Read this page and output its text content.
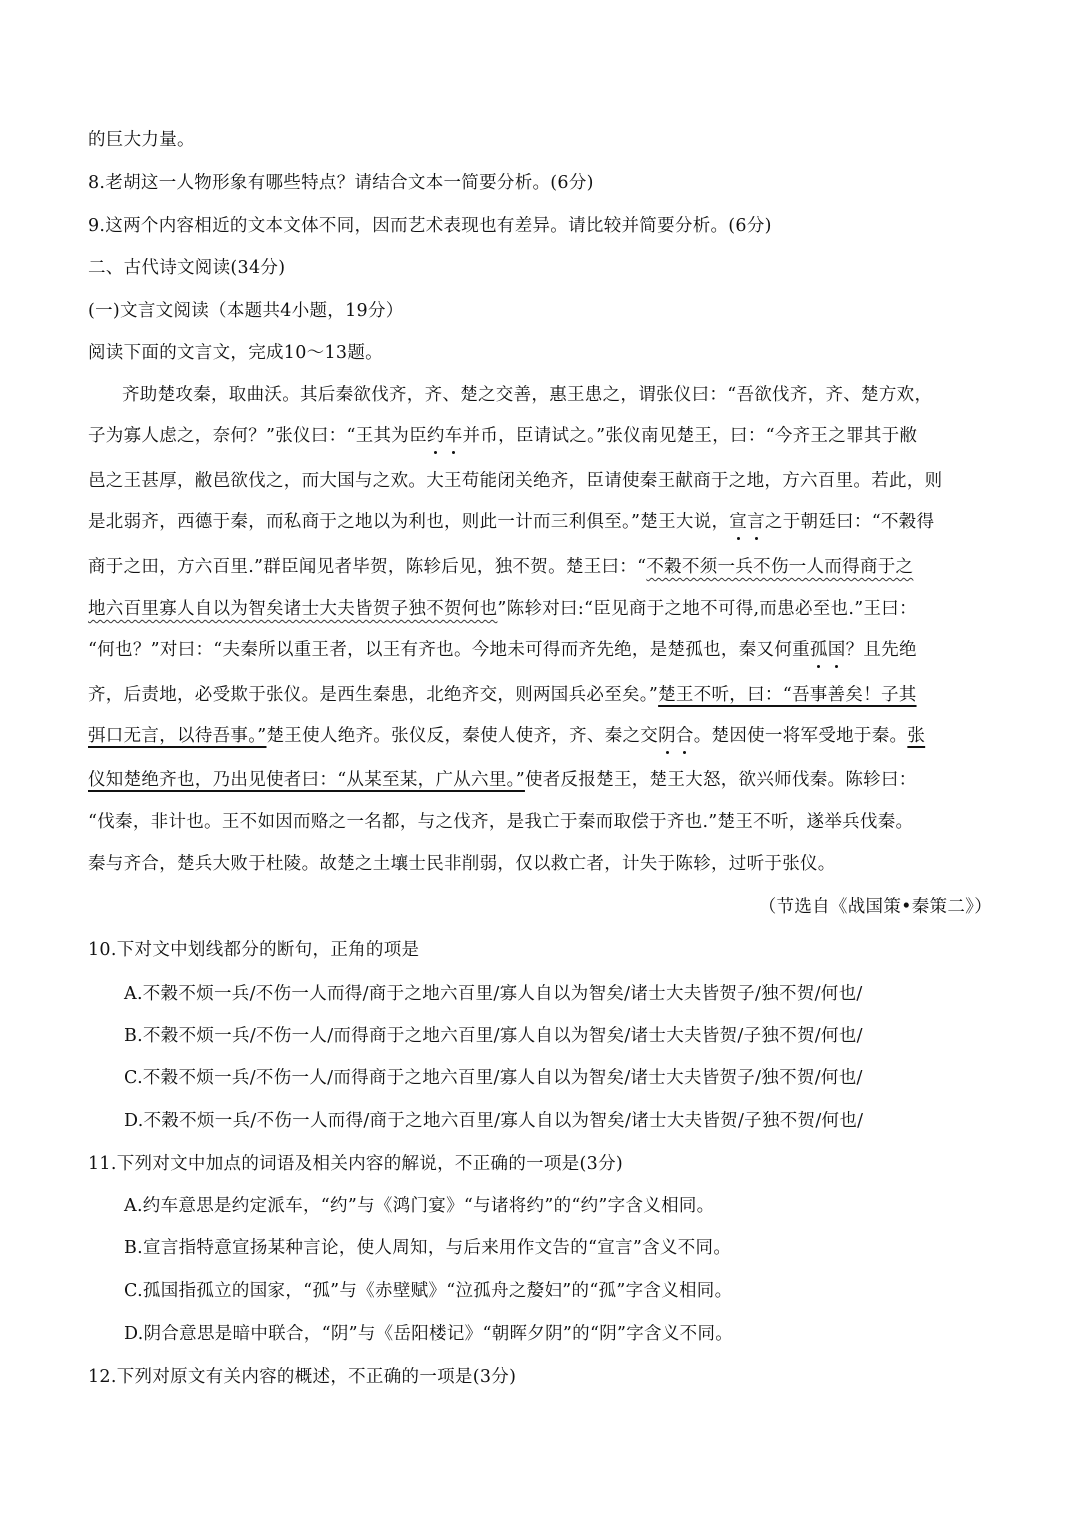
的巨大力量。
8.老胡这一人物形象有哪些特点？请结合文本一简要分析。(6分)
9.这两个内容相近的文本文体不同，因而艺术表现也有差异。请比较并简要分析。(6分)
二、古代诗文阅读(34分)
(一)文言文阅读（本题共4小题，19分）
阅读下面的文言文，完成10～13题。
齐助楚攻秦，取曲沃。其后秦欲伐齐，齐、楚之交善，惠王患之，谓张仪曰：“吾欲伐齐，齐、楚方欢，
子为寡人虑之，奈何？”张仪曰：“王其为臣约车并币，臣请试之。”张仪南见楚王，曰：“今齐王之罪其于敝
邑之王甚厚，敝邑欲伐之，而大国与之欢。大王苟能闭关绝齐，臣请使秦王献商于之地，方六百里。若此，则
是北弱齐，西德于秦，而私商于之地以为利也，则此一计而三利俱至。”楚王大说，宣言之于朝廷曰：“不穀得
商于之田，方六百里.”群臣闻见者毕贺，陈轸后见，独不贺。楚王曰：“不穀不须一兵不伤一人而得商于之
地六百里寡人自以为智矣诸士大夫皆贺子独不贺何也”陈轸对曰:“臣见商于之地不可得,而患必至也.”王曰：
“何也？”对曰：“夫秦所以重王者，以王有齐也。今地未可得而齐先绝，是楚孤也，秦又何重孤国？且先绝
齐，后责地，必受欺于张仪。是西生秦患，北绝齐交，则两国兵必至矣。”楚王不听，曰：“吾事善矣！子其
弭口无言，以待吾事。”楚王使人绝齐。张仪反，秦使人使齐，齐、秦之交阴合。楚因使一将军受地于秦。张
仪知楚绝齐也，乃出见使者曰：“从某至某，广从六里。”使者反报楚王，楚王大怒，欲兴师伐秦。陈轸曰：
“伐秦，非计也。王不如因而赂之一名都，与之伐齐，是我亡于秦而取偿于齐也.”楚王不听，遂举兵伐秦。
秦与齐合，楚兵大败于杜陵。故楚之土壤士民非削弱，仅以救亡者，计失于陈轸，过听于张仪。
（节选自《战国策•秦策二》）
10.下对文中划线都分的断句，正角的项是
A.不穀不烦一兵/不伤一人而得/商于之地六百里/寡人自以为智矣/诸士大夫皆贺子/独不贺/何也/
B.不穀不烦一兵/不伤一人/而得商于之地六百里/寡人自以为智矣/诸士大夫皆贺/子独不贺/何也/
C.不穀不烦一兵/不伤一人/而得商于之地六百里/寡人自以为智矣/诸士大夫皆贺子/独不贺/何也/
D.不穀不烦一兵/不伤一人而得/商于之地六百里/寡人自以为智矣/诸士大夫皆贺/子独不贺/何也/
11.下列对文中加点的词语及相关内容的解说，不正确的一项是(3分)
A.约车意思是约定派车，“约”与《鸿门宴》“与诸将约”的“约”字含义相同。
B.宣言指特意宣扬某种言论，使人周知，与后来用作文告的“宣言”含义不同。
C.孤国指孤立的国家，“孤”与《赤壁赋》“泣孤舟之嫠妇”的“孤”字含义相同。
D.阴合意思是暗中联合，“阴”与《岳阳楼记》“朝晖夕阴”的“阴”字含义不同。
12.下列对原文有关内容的概述，不正确的一项是(3分)
